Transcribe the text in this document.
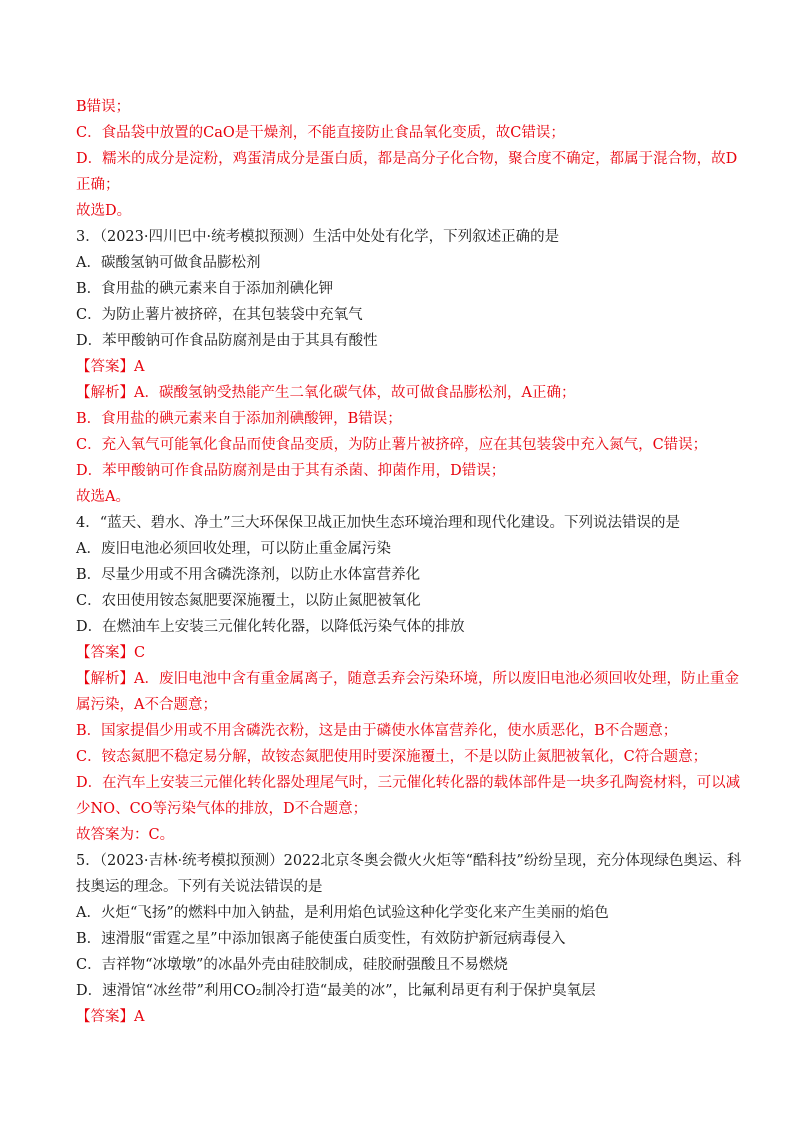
B错误；
C．食品袋中放置的CaO是干燥剂，不能直接防止食品氧化变质，故C错误；
D．糯米的成分是淀粉，鸡蛋清成分是蛋白质，都是高分子化合物，聚合度不确定，都属于混合物，故D
正确；
故选D。
3．（2023·四川巴中·统考模拟预测）生活中处处有化学，下列叙述正确的是
A．碳酸氢钠可做食品膨松剂
B．食用盐的碘元素来自于添加剂碘化钾
C．为防止薯片被挤碎，在其包装袋中充氧气
D．苯甲酸钠可作食品防腐剂是由于其具有酸性
【答案】A
【解析】A．碳酸氢钠受热能产生二氧化碳气体，故可做食品膨松剂，A正确；
B．食用盐的碘元素来自于添加剂碘酸钾，B错误；
C．充入氧气可能氧化食品而使食品变质，为防止薯片被挤碎，应在其包装袋中充入氮气，C错误；
D．苯甲酸钠可作食品防腐剂是由于其有杀菌、抑菌作用，D错误；
故选A。
4．“蓝天、碧水、净土”三大环保保卫战正加快生态环境治理和现代化建设。下列说法错误的是
A．废旧电池必须回收处理，可以防止重金属污染
B．尽量少用或不用含磷洗涤剂，以防止水体富营养化
C．农田使用铵态氮肥要深施覆土，以防止氮肥被氧化
D．在燃油车上安装三元催化转化器，以降低污染气体的排放
【答案】C
【解析】A．废旧电池中含有重金属离子，随意丢弃会污染环境，所以废旧电池必须回收处理，防止重金
属污染，A不合题意；
B．国家提倡少用或不用含磷洗衣粉，这是由于磷使水体富营养化，使水质恶化，B不合题意；
C．铵态氮肥不稳定易分解，故铵态氮肥使用时要深施覆土，不是以防止氮肥被氧化，C符合题意；
D．在汽车上安装三元催化转化器处理尾气时，三元催化转化器的载体部件是一块多孔陶瓷材料，可以减
少NO、CO等污染气体的排放，D不合题意；
故答案为：C。
5．（2023·吉林·统考模拟预测）2022北京冬奥会微火火炬等“酷科技”纷纷呈现，充分体现绿色奥运、科
技奥运的理念。下列有关说法错误的是
A．火炬“飞扬”的燃料中加入钠盐，是利用焰色试验这种化学变化来产生美丽的焰色
B．速滑服“雷霆之星”中添加银离子能使蛋白质变性，有效防护新冠病毒侵入
C．吉祥物“冰墩墩”的冰晶外壳由硅胶制成，硅胶耐强酸且不易燃烧
D．速滑馆“冰丝带”利用CO₂制冷打造“最美的冰”，比氟利昂更有利于保护臭氧层
【答案】A
